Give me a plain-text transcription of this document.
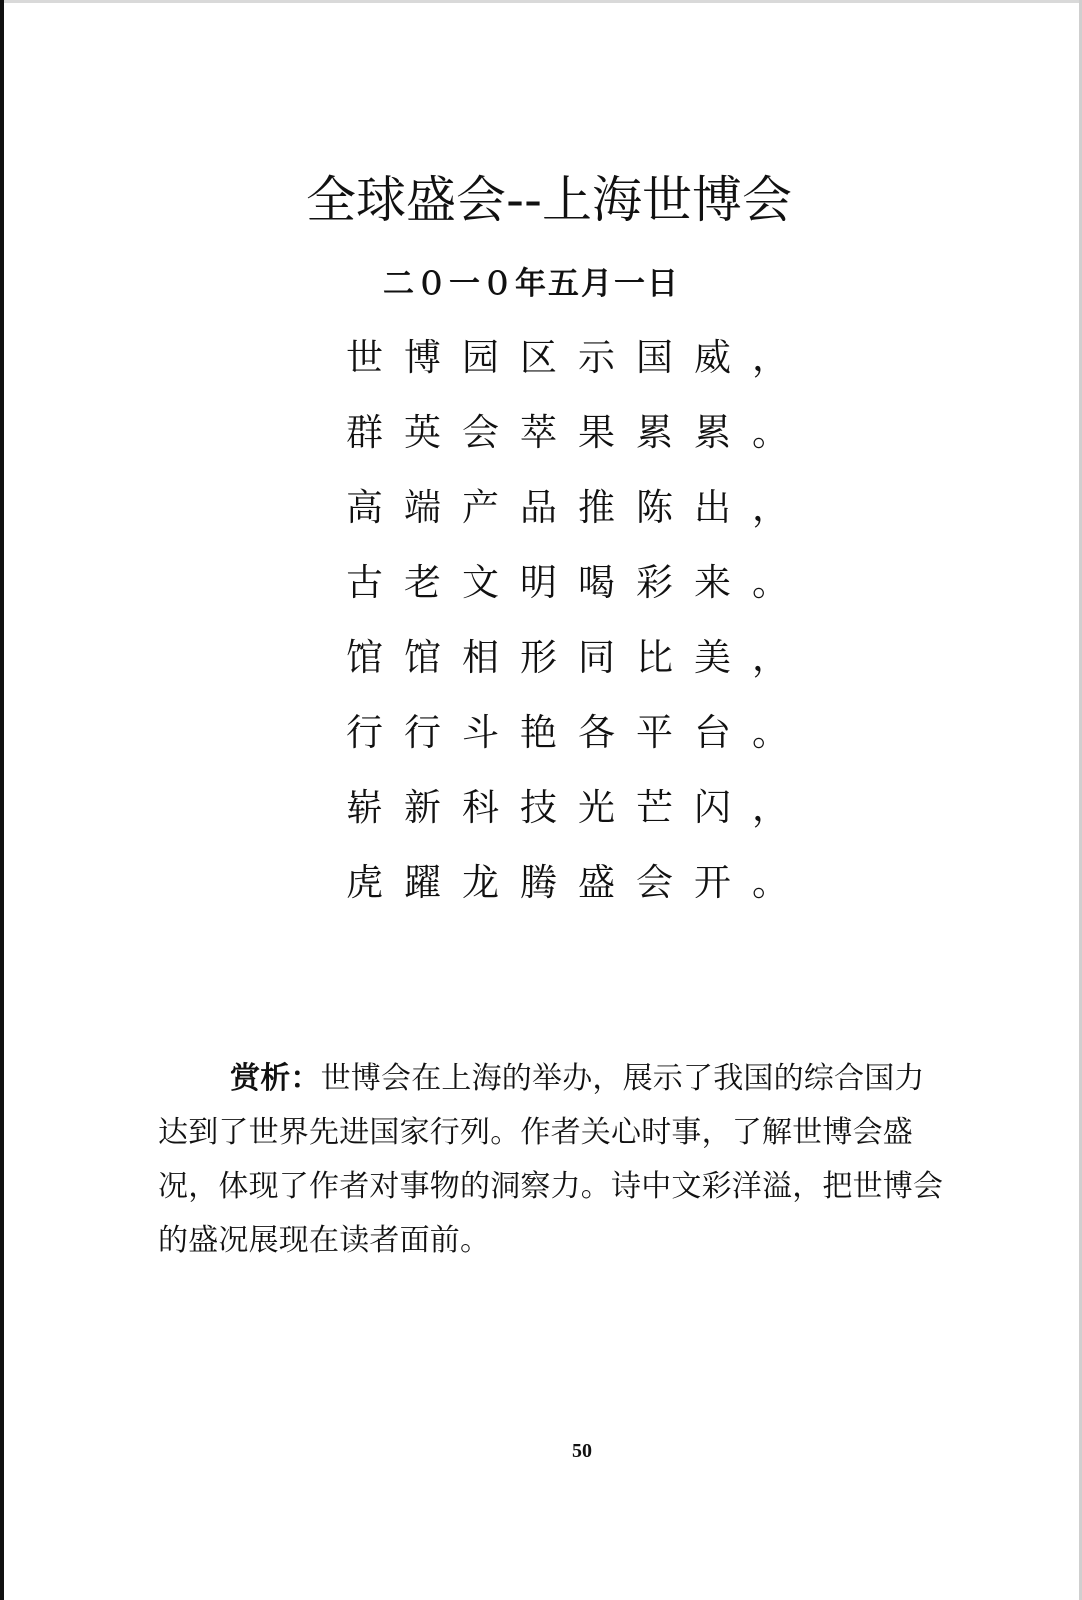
全球盛会--上海世博会
二０一０年五月一日
世博园区示国威，
群英会萃果累累。
高端产品推陈出，
古老文明喝彩来。
馆馆相形同比美，
行行斗艳各平台。
崭新科技光芒闪，
虎躍龙腾盛会开。
赏析：世博会在上海的举办，展示了我国的综合国力达到了世界先进国家行列。作者关心时事，了解世博会盛况，体现了作者对事物的洞察力。诗中文彩洋溢，把世博会的盛况展现在读者面前。
50
